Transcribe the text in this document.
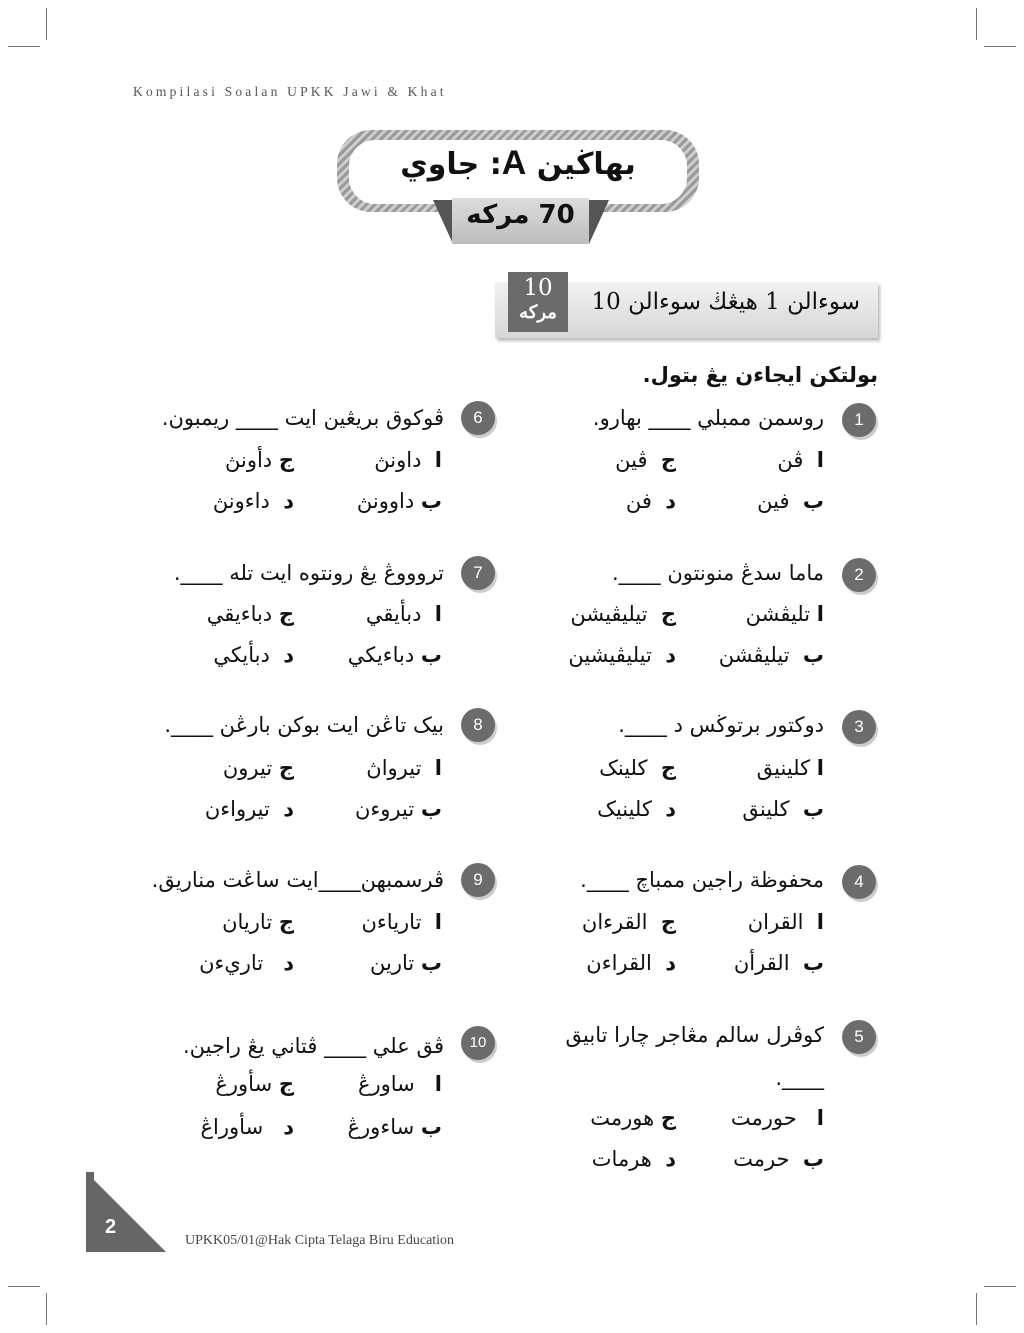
Kompilasi Soalan UPKK Jawi & Khat
بهاڬين A: جاوي
70 مرکه
سوءالن 1 هيڠڬ سوءالن 10
10
مرکه
بولتکن ايجاءن يڠ بتول.
1
روسمن ممبلي ____ بهارو.
ا  ڤن
ج  ڤين
ب  فين
د  فن
2
ماما سدڠ منونتون ____.
ا تليڤشن
ج  تيليڤيشن
ب  تيليڤشن
د  تيليڤيشين
3
دوکتور برتوڬس د ____.
ا کلينيق
ج  کلينک
ب  کلينق
د  کلينيک
4
محفوظة راجين ممباچ ____.
ا  القران
ج  القرءان
ب  القرأن
د  القراءن
5
کوڤرل سالم مڠاجر چارا تابيق
____.
ا   حورمت
ج هورمت
ب  حرمت
د  هرمات
6
ڤوکوق بريڠين ايت ____ ريمبون.
ا  داونڽ
ج دأونڽ
ب داوونڽ
د  داءونڽ
7
تروووڠ يڠ رونتوه ايت تله ____.
ا  دبأيقي
ج دباءيقي
ب دباءيکي
د  دبأيکي
8
بيک تاڠن ايت بوکن بارڠن ____.
ا  تيرواڽ
ج تيرون
ب تيروءن
د  تيرواءن
9
ڤرسمبهن____ايت ساڠت مناريق.
ا  تارياءن
ج تاريان
ب تارين
د   تاريءن
10
ڤق علي ____ ڤتاني يڠ راجين.
ا   ساورڠ
ج سأورڠ
ب ساءورڠ
د   سأوراڠ
2
UPKK05/01@Hak Cipta Telaga Biru Education
